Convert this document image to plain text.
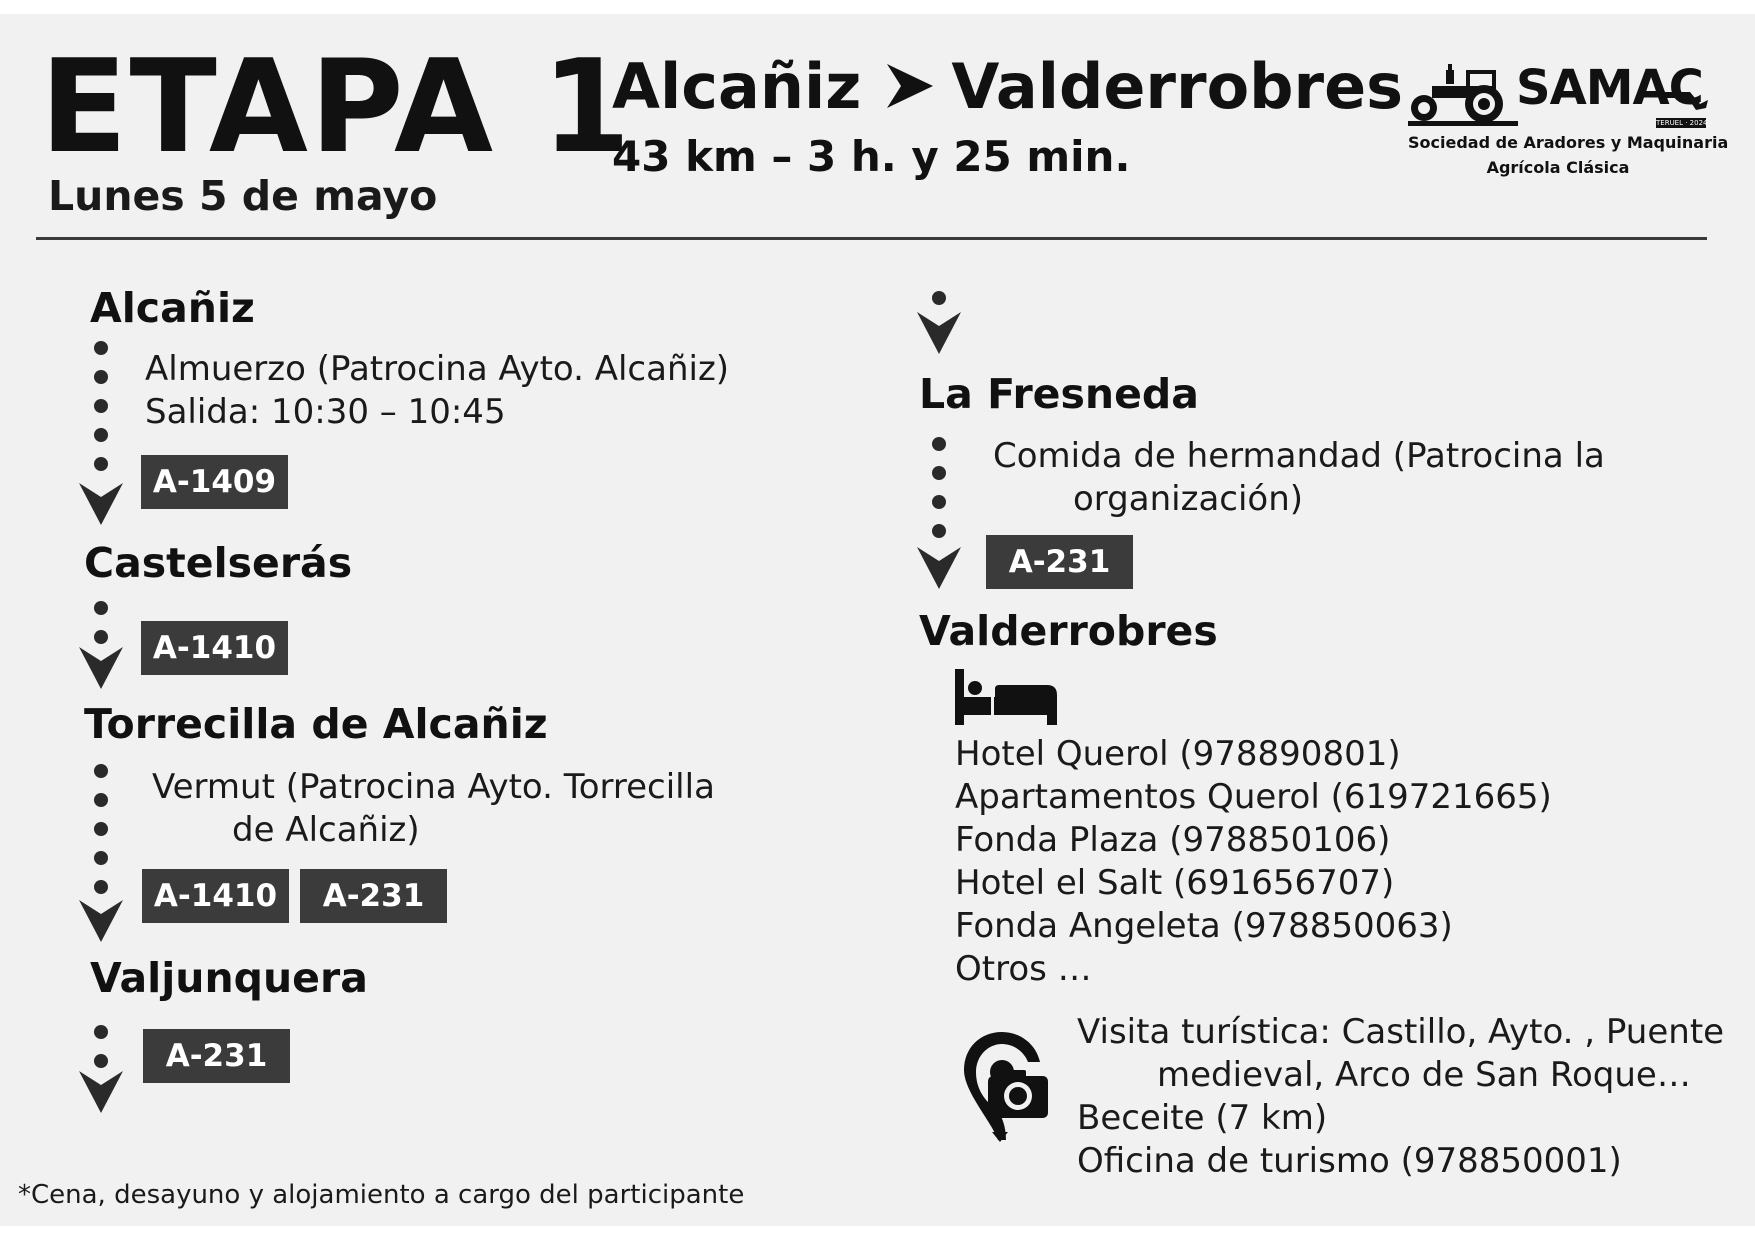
ETAPA 1
Lunes 5 de mayo
Alcañiz Valderrobres
43 km – 3 h. y 25 min.
SAMAC
TERUEL · 2024
Sociedad de Aradores y Maquinaria
Agrícola Clásica
Alcañiz
Almuerzo (Patrocina Ayto. Alcañiz)
Salida: 10:30 – 10:45
A-1409
Castelserás
A-1410
Torrecilla de Alcañiz
Vermut (Patrocina Ayto. Torrecilla
de Alcañiz)
A-1410	A-231
Valjunquera
A-231
La Fresneda
Comida de hermandad (Patrocina la
organización)
A-231
Valderrobres
Hotel Querol (978890801)
Apartamentos Querol (619721665)
Fonda Plaza (978850106)
Hotel el Salt (691656707)
Fonda Angeleta (978850063)
Otros …
Visita turística: Castillo, Ayto. , Puente
medieval, Arco de San Roque…
Beceite (7 km)
Oficina de turismo (978850001)
*Cena, desayuno y alojamiento a cargo del participante
